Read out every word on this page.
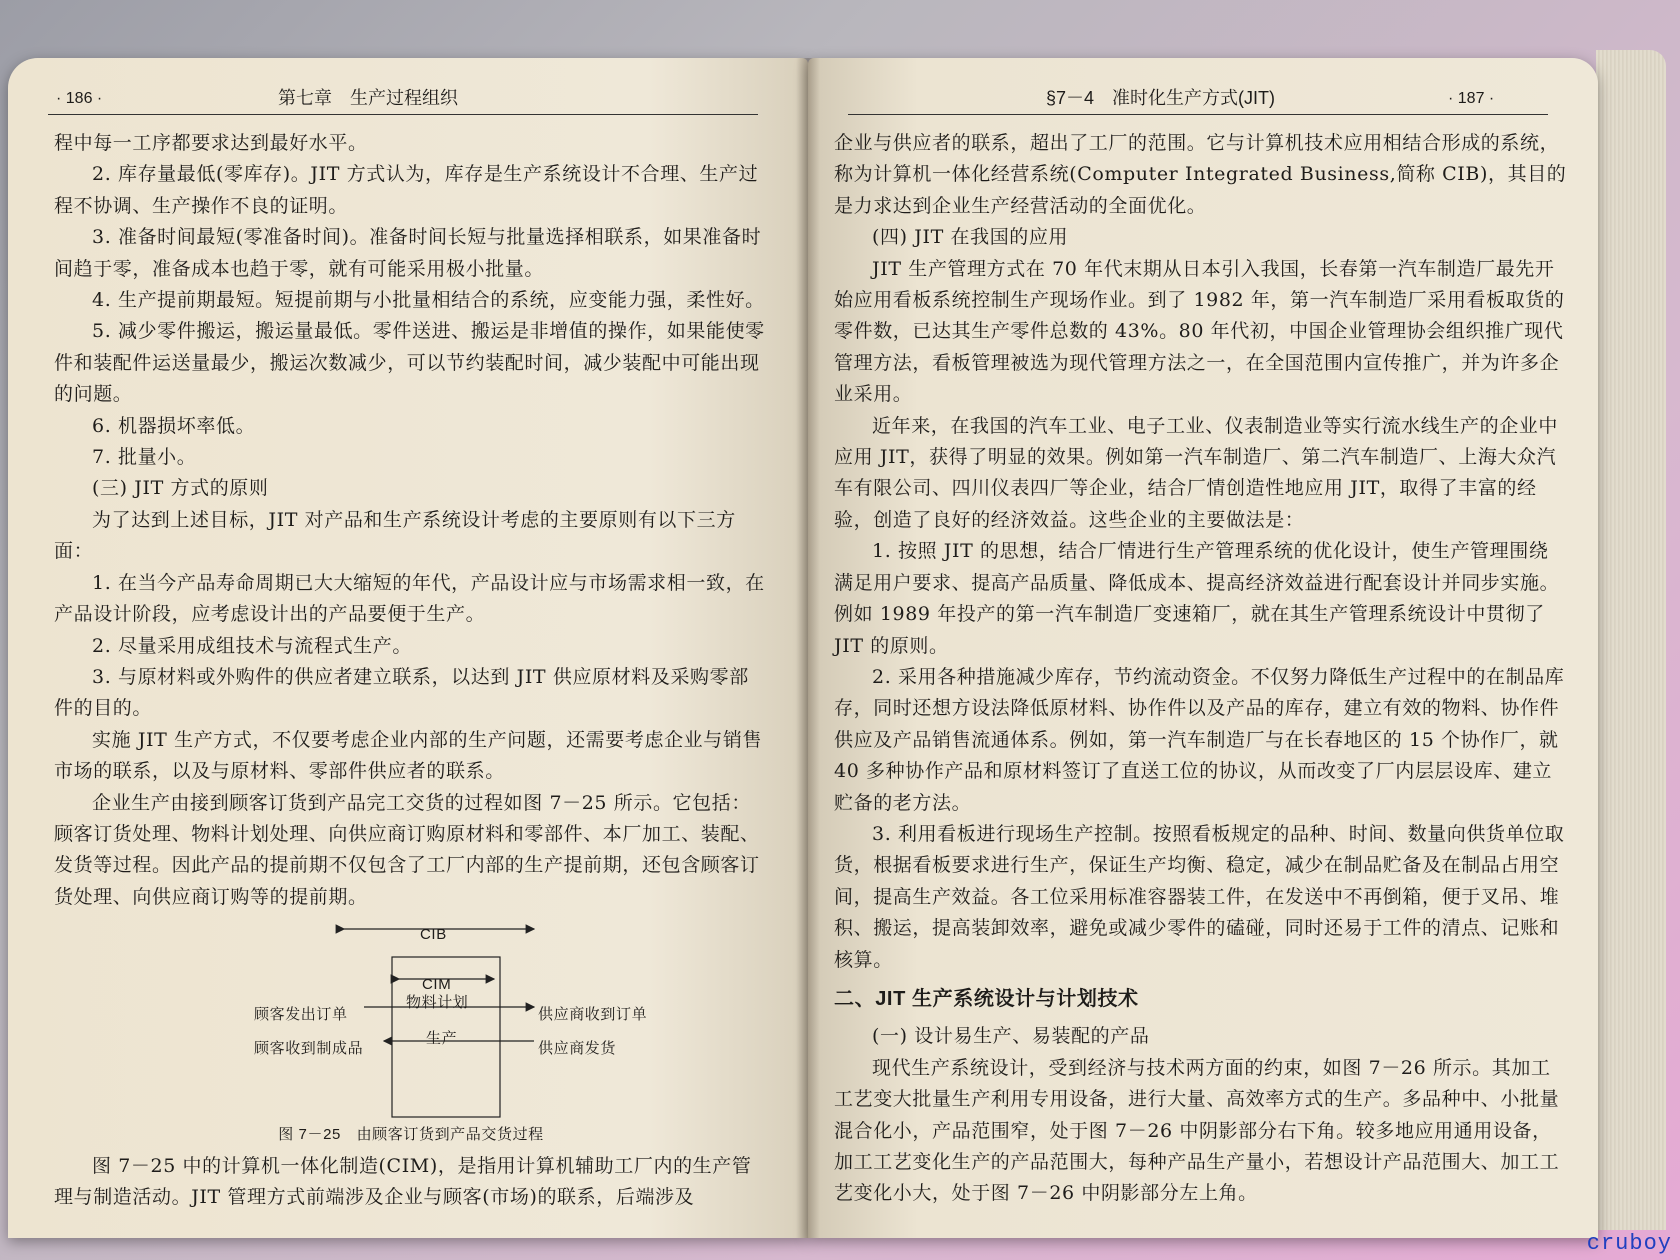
· 186 ·	第七章　生产过程组织

程中每一工序都要求达到最好水平。

2. 库存量最低(零库存)。JIT 方式认为，库存是生产系统设计不合理、生产过程不协调、生产操作不良的证明。

3. 准备时间最短(零准备时间)。准备时间长短与批量选择相联系，如果准备时间趋于零，准备成本也趋于零，就有可能采用极小批量。

4. 生产提前期最短。短提前期与小批量相结合的系统，应变能力强，柔性好。

5. 减少零件搬运，搬运量最低。零件送进、搬运是非增值的操作，如果能使零件和装配件运送量最少，搬运次数减少，可以节约装配时间，减少装配中可能出现的问题。

6. 机器损坏率低。

7. 批量小。

(三) JIT 方式的原则

为了达到上述目标，JIT 对产品和生产系统设计考虑的主要原则有以下三方面：

1. 在当今产品寿命周期已大大缩短的年代，产品设计应与市场需求相一致，在产品设计阶段，应考虑设计出的产品要便于生产。

2. 尽量采用成组技术与流程式生产。

3. 与原材料或外购件的供应者建立联系，以达到 JIT 供应原材料及采购零部件的目的。

实施 JIT 生产方式，不仅要考虑企业内部的生产问题，还需要考虑企业与销售市场的联系，以及与原材料、零部件供应者的联系。

企业生产由接到顾客订货到产品完工交货的过程如图 7－25 所示。它包括：顾客订货处理、物料计划处理、向供应商订购原材料和零部件、本厂加工、装配、发货等过程。因此产品的提前期不仅包含了工厂内部的生产提前期，还包含顾客订货处理、向供应商订购等的提前期。

CIB
CIM
物料计划
生产
顾客发出订单	供应商收到订单
顾客收到制成品	供应商发货

图 7－25　由顾客订货到产品交货过程

图 7－25 中的计算机一体化制造(CIM)，是指用计算机辅助工厂内的生产管理与制造活动。JIT 管理方式前端涉及企业与顾客(市场)的联系，后端涉及

§7－4　准时化生产方式(JIT)	· 187 ·

企业与供应者的联系，超出了工厂的范围。它与计算机技术应用相结合形成的系统，称为计算机一体化经营系统(Computer Integrated Business,简称 CIB)，其目的是力求达到企业生产经营活动的全面优化。

(四) JIT 在我国的应用

JIT 生产管理方式在 70 年代末期从日本引入我国，长春第一汽车制造厂最先开始应用看板系统控制生产现场作业。到了 1982 年，第一汽车制造厂采用看板取货的零件数，已达其生产零件总数的 43%。80 年代初，中国企业管理协会组织推广现代管理方法，看板管理被选为现代管理方法之一，在全国范围内宣传推广，并为许多企业采用。

近年来，在我国的汽车工业、电子工业、仪表制造业等实行流水线生产的企业中应用 JIT，获得了明显的效果。例如第一汽车制造厂、第二汽车制造厂、上海大众汽车有限公司、四川仪表四厂等企业，结合厂情创造性地应用 JIT，取得了丰富的经验，创造了良好的经济效益。这些企业的主要做法是：

1. 按照 JIT 的思想，结合厂情进行生产管理系统的优化设计，使生产管理围绕满足用户要求、提高产品质量、降低成本、提高经济效益进行配套设计并同步实施。例如 1989 年投产的第一汽车制造厂变速箱厂，就在其生产管理系统设计中贯彻了 JIT 的原则。

2. 采用各种措施减少库存，节约流动资金。不仅努力降低生产过程中的在制品库存，同时还想方设法降低原材料、协作件以及产品的库存，建立有效的物料、协作件供应及产品销售流通体系。例如，第一汽车制造厂与在长春地区的 15 个协作厂，就 40 多种协作产品和原材料签订了直送工位的协议，从而改变了厂内层层设库、建立贮备的老方法。

3. 利用看板进行现场生产控制。按照看板规定的品种、时间、数量向供货单位取货，根据看板要求进行生产，保证生产均衡、稳定，减少在制品贮备及在制品占用空间，提高生产效益。各工位采用标准容器装工件，在发送中不再倒箱，便于叉吊、堆积、搬运，提高装卸效率，避免或减少零件的磕碰，同时还易于工件的清点、记账和核算。

二、JIT 生产系统设计与计划技术

(一) 设计易生产、易装配的产品

现代生产系统设计，受到经济与技术两方面的约束，如图 7－26 所示。其加工工艺变大批量生产利用专用设备，进行大量、高效率方式的生产。多品种中、小批量混合化小，产品范围窄，处于图 7－26 中阴影部分右下角。较多地应用通用设备，加工工艺变化生产的产品范围大，每种产品生产量小，若想设计产品范围大、加工工艺变化小大，处于图 7－26 中阴影部分左上角。

cruboy
